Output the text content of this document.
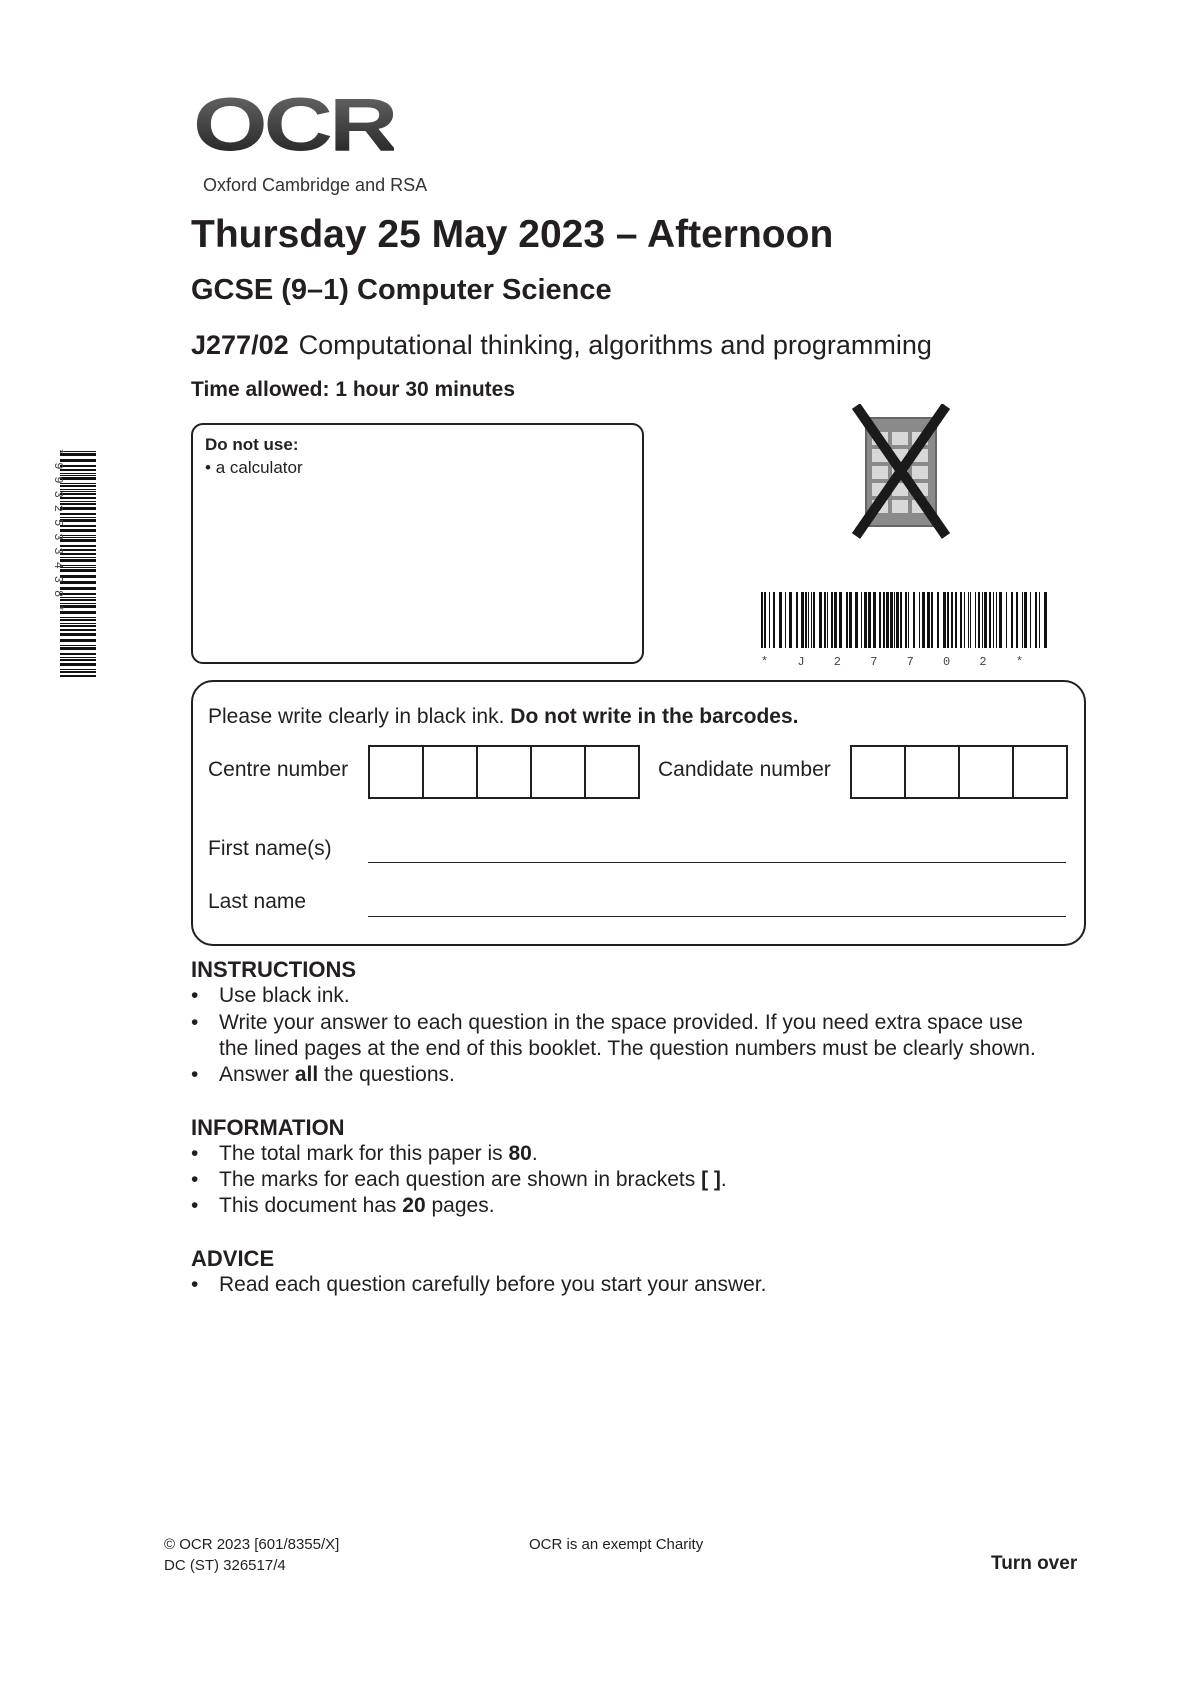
OCR
Oxford Cambridge and RSA
Thursday 25 May 2023 – Afternoon
GCSE (9–1) Computer Science
J277/02 Computational thinking, algorithms and programming
Time allowed: 1 hour 30 minutes
*9932533438*
Do not use:
• a calculator
* J 2 7 7 0 2 *
Please write clearly in black ink. Do not write in the barcodes.
Centre number	Candidate number
First name(s)
Last name
INSTRUCTIONS
• Use black ink.
• Write your answer to each question in the space provided. If you need extra space use
the lined pages at the end of this booklet. The question numbers must be clearly shown.
• Answer all the questions.
INFORMATION
• The total mark for this paper is 80.
• The marks for each question are shown in brackets [ ].
• This document has 20 pages.
ADVICE
• Read each question carefully before you start your answer.
© OCR 2023 [601/8355/X]
DC (ST) 326517/4
OCR is an exempt Charity
Turn over
